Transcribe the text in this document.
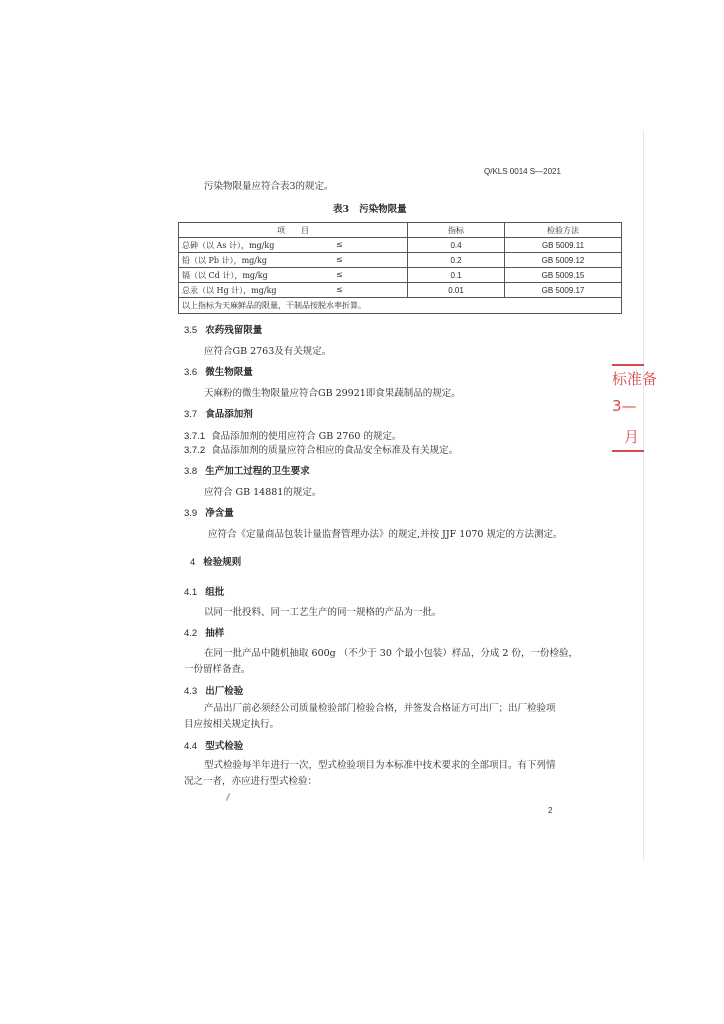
Q/KLS 0014 S—2021
污染物限量应符合表3的规定。
表3 污染物限量
项　　目	指标	检验方法
总砷（以 As 计），mg/kg ≤	0.4	GB 5009.11
铅（以 Pb 计），mg/kg ≤	0.2	GB 5009.12
镉（以 Cd 计），mg/kg ≤	0.1	GB 5009.15
总汞（以 Hg 计），mg/kg ≤	0.01	GB 5009.17
以上指标为天麻鲜品的限量，干制品按脱水率折算。		
3.5 农药残留限量
应符合GB 2763及有关规定。
3.6 微生物限量
天麻粉的微生物限量应符合GB 29921即食果蔬制品的规定。
3.7 食品添加剂
3.7.1 食品添加剂的使用应符合 GB 2760 的规定。
3.7.2 食品添加剂的质量应符合相应的食品安全标准及有关规定。
3.8 生产加工过程的卫生要求
应符合 GB 14881的规定。
3.9 净含量
应符合《定量商品包装计量监督管理办法》的规定,并按 JJF 1070 规定的方法测定。
4 检验规则
4.1 组批
以同一批投料、同一工艺生产的同一规格的产品为一批。
4.2 抽样
在同一批产品中随机抽取 600g （不少于 30 个最小包装）样品，分成 2 份，一份检验，
一份留样备查。
4.3 出厂检验
产品出厂前必须经公司质量检验部门检验合格，并签发合格证方可出厂；出厂检验项
目应按相关规定执行。
4.4 型式检验
型式检验每半年进行一次，型式检验项目为本标准中技术要求的全部项目。有下列情
况之一者，亦应进行型式检验：
标准备
3—
月
2
